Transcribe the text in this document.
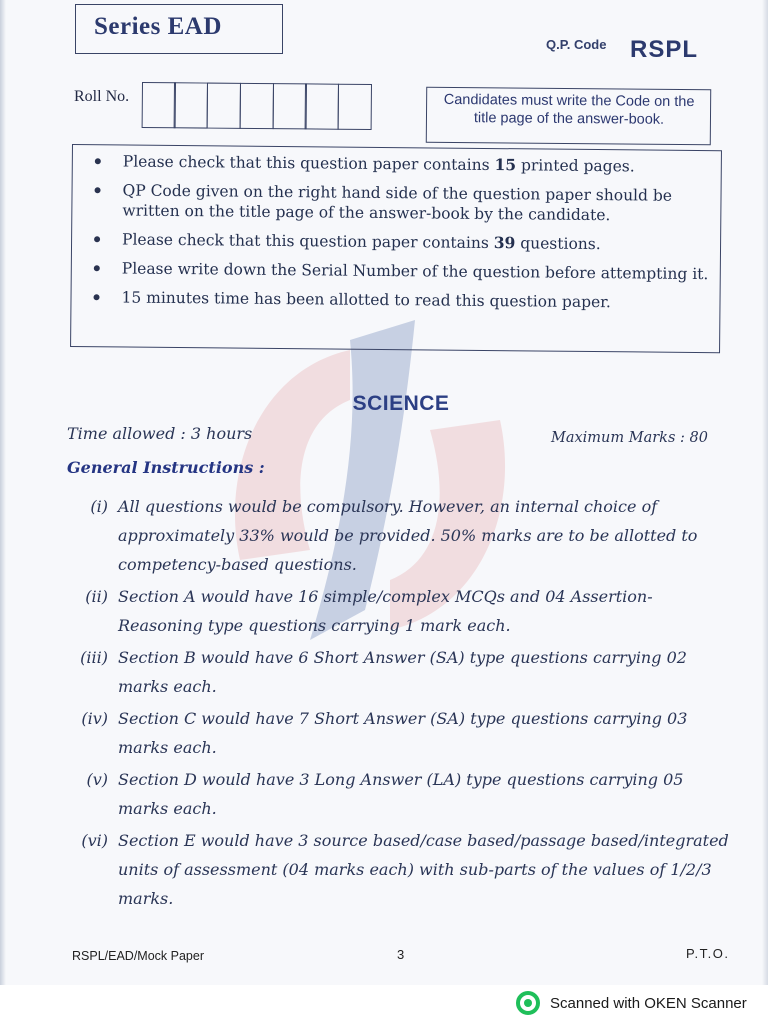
Series EAD
Q.P. Code RSPL
Roll No.	Candidates must write the Code on the title page of the answer-book.
Please check that this question paper contains 15 printed pages.
QP Code given on the right hand side of the question paper should be written on the title page of the answer-book by the candidate.
Please check that this question paper contains 39 questions.
Please write down the Serial Number of the question before attempting it.
15 minutes time has been allotted to read this question paper.
SCIENCE
Time allowed : 3 hours	Maximum Marks : 80
General Instructions :
(i) All questions would be compulsory. However, an internal choice of approximately 33% would be provided. 50% marks are to be allotted to competency-based questions.
(ii) Section A would have 16 simple/complex MCQs and 04 Assertion-Reasoning type questions carrying 1 mark each.
(iii) Section B would have 6 Short Answer (SA) type questions carrying 02 marks each.
(iv) Section C would have 7 Short Answer (SA) type questions carrying 03 marks each.
(v) Section D would have 3 Long Answer (LA) type questions carrying 05 marks each.
(vi) Section E would have 3 source based/case based/passage based/integrated units of assessment (04 marks each) with sub-parts of the values of 1/2/3 marks.
RSPL/EAD/Mock Paper	3	P.T.O.
Scanned with OKEN Scanner
